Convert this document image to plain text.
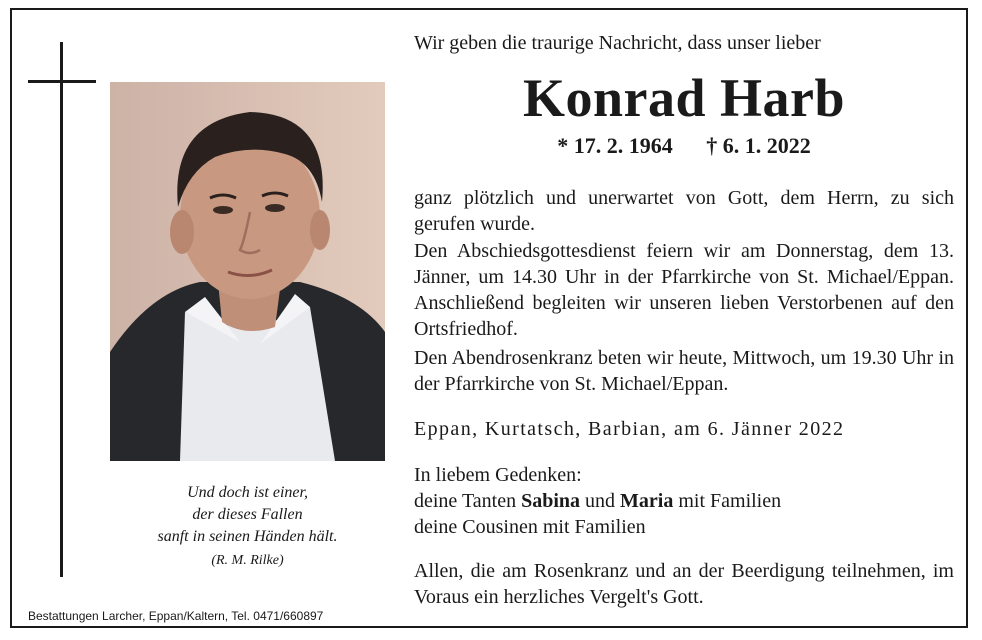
Und doch ist einer,
der dieses Fallen
sanft in seinen Händen hält.
(R. M. Rilke)
Bestattungen Larcher, Eppan/Kaltern, Tel. 0471/660897
Wir geben die traurige Nachricht, dass unser lieber
Konrad Harb
* 17. 2. 1964 † 6. 1. 2022
ganz plötzlich und unerwartet von Gott, dem Herrn, zu sich gerufen wurde.
Den Abschiedsgottesdienst feiern wir am Donnerstag, dem 13. Jänner, um 14.30 Uhr in der Pfarrkirche von St. Michael/Eppan. Anschließend begleiten wir unseren lieben Verstorbenen auf den Ortsfriedhof.
Den Abendrosenkranz beten wir heute, Mittwoch, um 19.30 Uhr in der Pfarrkirche von St. Michael/Eppan.
Eppan, Kurtatsch, Barbian, am 6. Jänner 2022
In liebem Gedenken:
deine Tanten Sabina und Maria mit Familien
deine Cousinen mit Familien
Allen, die am Rosenkranz und an der Beerdigung teilnehmen, im Voraus ein herzliches Vergelt's Gott.
